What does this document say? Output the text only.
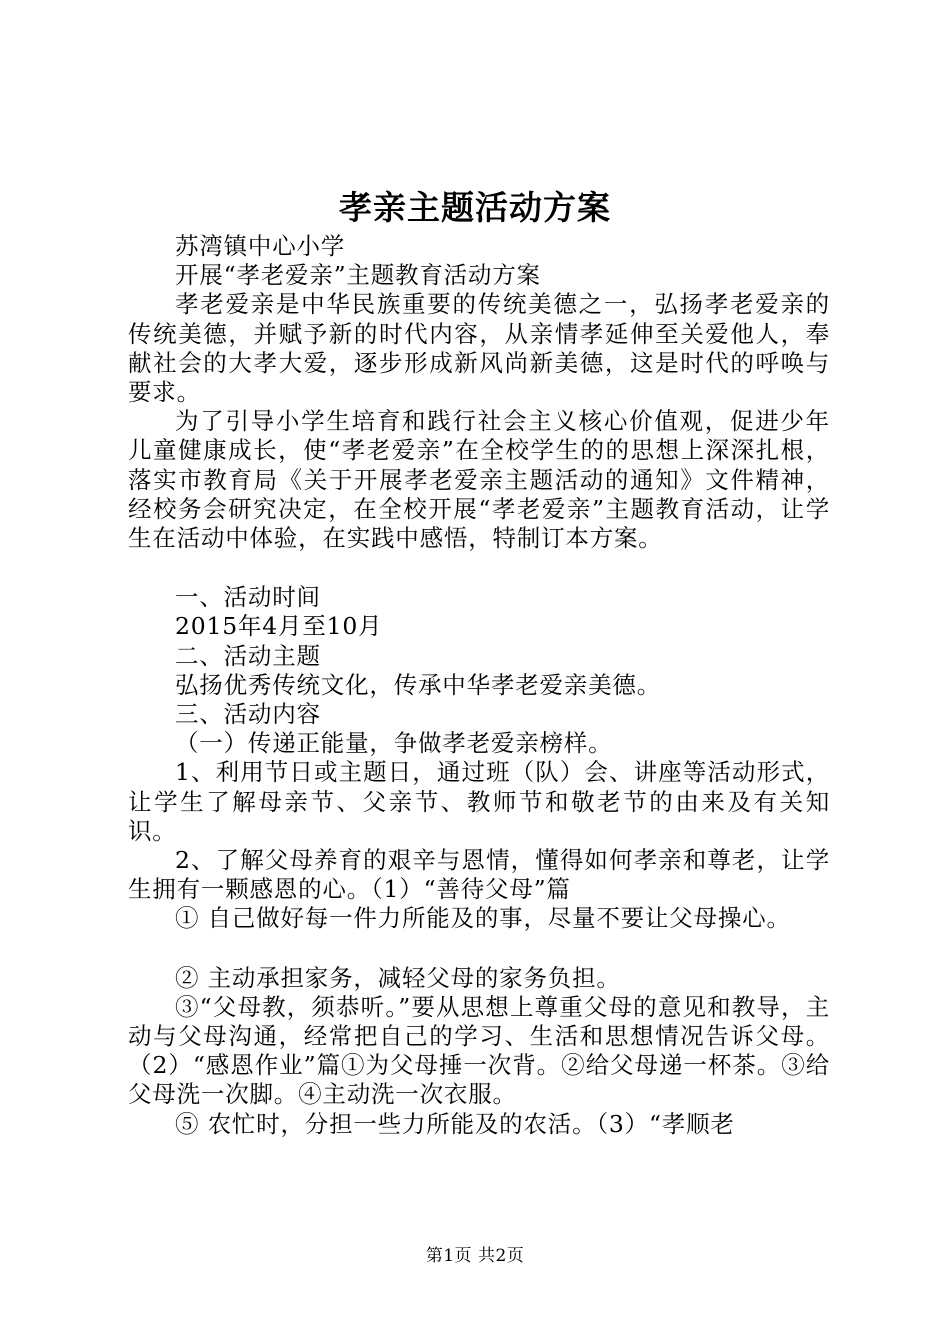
孝亲主题活动方案

苏湾镇中心小学

开展“孝老爱亲”主题教育活动方案

孝老爱亲是中华民族重要的传统美德之一，弘扬孝老爱亲的传统美德，并赋予新的时代内容，从亲情孝延伸至关爱他人，奉献社会的大孝大爱，逐步形成新风尚新美德，这是时代的呼唤与要求。

为了引导小学生培育和践行社会主义核心价值观，促进少年儿童健康成长，使“孝老爱亲”在全校学生的的思想上深深扎根，落实市教育局《关于开展孝老爱亲主题活动的通知》文件精神，经校务会研究决定，在全校开展“孝老爱亲”主题教育活动，让学生在活动中体验，在实践中感悟，特制订本方案。

一、活动时间

2015年4月至10月

二、活动主题

弘扬优秀传统文化，传承中华孝老爱亲美德。

三、活动内容

（一）传递正能量，争做孝老爱亲榜样。

1、利用节日或主题日，通过班（队）会、讲座等活动形式，让学生了解母亲节、父亲节、教师节和敬老节的由来及有关知识。

2、了解父母养育的艰辛与恩情，懂得如何孝亲和尊老，让学生拥有一颗感恩的心。（1）“善待父母”篇

① 自己做好每一件力所能及的事，尽量不要让父母操心。

② 主动承担家务，减轻父母的家务负担。

③“父母教，须恭听。”要从思想上尊重父母的意见和教导，主动与父母沟通，经常把自己的学习、生活和思想情况告诉父母。（2）“感恩作业”篇①为父母捶一次背。②给父母递一杯茶。③给父母洗一次脚。④主动洗一次衣服。

⑤ 农忙时，分担一些力所能及的农活。（3）“孝顺老

第1页 共2页
